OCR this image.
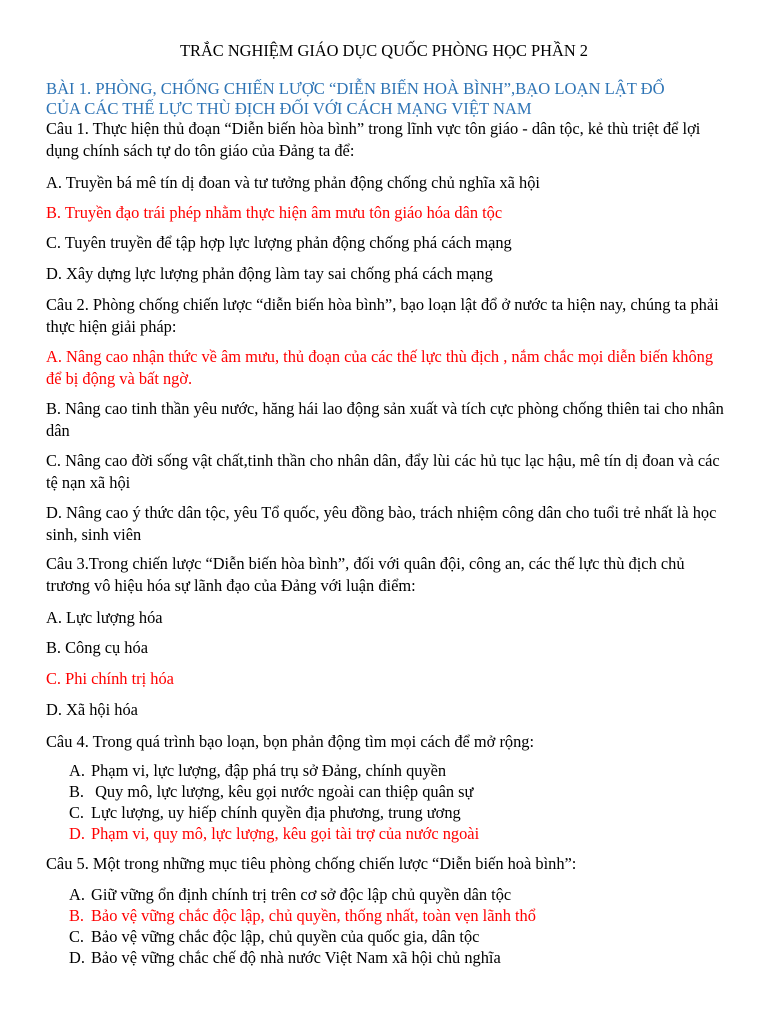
TRẮC NGHIỆM GIÁO DỤC QUỐC PHÒNG HỌC PHẦN 2
BÀI 1. PHÒNG, CHỐNG CHIẾN LƯỢC “DIỄN BIẾN HOÀ BÌNH”,BẠO LOẠN LẬT ĐỔ
CỦA CÁC THẾ LỰC THÙ ĐỊCH ĐỐI VỚI CÁCH MẠNG VIỆT NAM
Câu 1. Thực hiện thủ đoạn “Diễn biến hòa bình” trong lĩnh vực tôn giáo - dân tộc, kẻ thù triệt để lợi dụng chính sách tự do tôn giáo của Đảng ta để:
A. Truyền bá mê tín dị đoan và tư tưởng phản động chống chủ nghĩa xã hội
B. Truyền đạo trái phép nhằm thực hiện âm mưu tôn giáo hóa dân tộc
C. Tuyên truyền để tập hợp lực lượng phản động chống phá cách mạng
D. Xây dựng lực lượng phản động làm tay sai chống phá cách mạng
Câu 2. Phòng chống chiến lược “diễn biến hòa bình”, bạo loạn lật đổ ở nước ta hiện nay, chúng ta phải thực hiện giải pháp:
A. Nâng cao nhận thức về âm mưu, thủ đoạn của các thế lực thù địch , nắm chắc mọi diễn biến không để bị động và bất ngờ.
B. Nâng cao tinh thần yêu nước, hăng hái lao động sản xuất và tích cực phòng chống thiên tai cho nhân dân
C. Nâng cao đời sống vật chất,tinh thần cho nhân dân, đẩy lùi các hủ tục lạc hậu, mê tín dị đoan và các tệ nạn xã hội
D. Nâng cao ý thức dân tộc, yêu Tổ quốc, yêu đồng bào, trách nhiệm công dân cho tuổi trẻ nhất là học sinh, sinh viên
Câu 3.Trong chiến lược “Diễn biến hòa bình”, đối với quân đội, công an, các thế lực thù địch chủ trương vô hiệu hóa sự lãnh đạo của Đảng với luận điểm:
A. Lực lượng hóa
B. Công cụ hóa
C. Phi chính trị hóa
D. Xã hội hóa
Câu 4. Trong quá trình bạo loạn, bọn phản động tìm mọi cách để mở rộng:
A. Phạm vi, lực lượng, đập phá trụ sở Đảng, chính quyền
B. Quy mô, lực lượng, kêu gọi nước ngoài can thiệp quân sự
C. Lực lượng, uy hiếp chính quyền địa phương, trung ương
D. Phạm vi, quy mô, lực lượng, kêu gọi tài trợ của nước ngoài
Câu 5. Một trong những mục tiêu phòng chống chiến lược “Diễn biến hoà bình”:
A. Giữ vững ổn định chính trị trên cơ sở độc lập chủ quyền dân tộc
B. Bảo vệ vững chắc độc lập, chủ quyền, thống nhất, toàn vẹn lãnh thổ
C. Bảo vệ vững chắc độc lập, chủ quyền của quốc gia, dân tộc
D. Bảo vệ vững chắc chế độ nhà nước Việt Nam xã hội chủ nghĩa
